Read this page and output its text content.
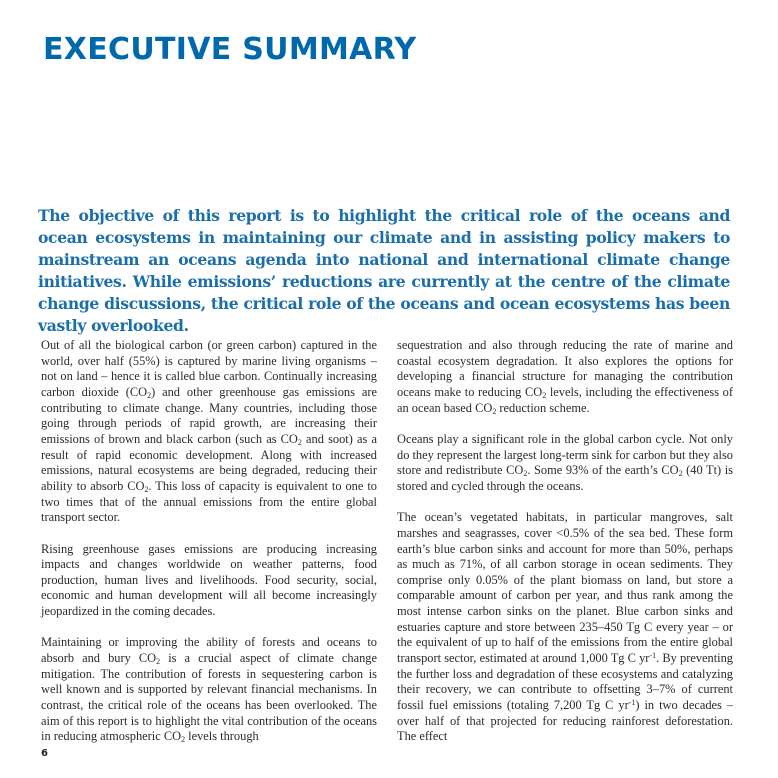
EXECUTIVE SUMMARY

The objective of this report is to highlight the critical role of the oceans and ocean ecosystems in maintaining our climate and in assisting policy makers to mainstream an oceans agenda into national and international climate change initiatives. While emissions’ reductions are currently at the centre of the climate change discussions, the critical role of the oceans and ocean ecosystems has been vastly overlooked.

Out of all the biological carbon (or green carbon) captured in the world, over half (55%) is captured by marine living organisms – not on land – hence it is called blue carbon. Continually increasing carbon dioxide $(CO_2)$ and other greenhouse gas emissions are contributing to climate change. Many countries, including those going through periods of rapid growth, are increasing their emissions of brown and black carbon (such as $CO_2$ and soot) as a result of rapid economic development. Along with increased emissions, natural ecosystems are being degraded, reducing their ability to absorb $CO_2$. This loss of capacity is equivalent to one to two times that of the annual emissions from the entire global transport sector.

Rising greenhouse gases emissions are producing increasing impacts and changes worldwide on weather patterns, food production, human lives and livelihoods. Food security, social, economic and human development will all become increasingly jeopardized in the coming decades.

Maintaining or improving the ability of forests and oceans to absorb and bury $CO_2$ is a crucial aspect of climate change mitigation. The contribution of forests in sequestering carbon is well known and is supported by relevant financial mechanisms. In contrast, the critical role of the oceans has been overlooked. The aim of this report is to highlight the vital contribution of the oceans in reducing atmospheric $CO_2$ levels through

sequestration and also through reducing the rate of marine and coastal ecosystem degradation. It also explores the options for developing a financial structure for managing the contribution oceans make to reducing $CO_2$ levels, including the effectiveness of an ocean based $CO_2$ reduction scheme.

Oceans play a significant role in the global carbon cycle. Not only do they represent the largest long-term sink for carbon but they also store and redistribute $CO_2$. Some 93% of the earth’s $CO_2$ (40 Tt) is stored and cycled through the oceans.

The ocean’s vegetated habitats, in particular mangroves, salt marshes and seagrasses, cover <0.5% of the sea bed. These form earth’s blue carbon sinks and account for more than 50%, perhaps as much as 71%, of all carbon storage in ocean sediments. They comprise only 0.05% of the plant biomass on land, but store a comparable amount of carbon per year, and thus rank among the most intense carbon sinks on the planet. Blue carbon sinks and estuaries capture and store between 235–450 Tg C every year – or the equivalent of up to half of the emissions from the entire global transport sector, estimated at around 1,000 Tg C $yr^{-1}$. By preventing the further loss and degradation of these ecosystems and catalyzing their recovery, we can contribute to offsetting 3–7% of current fossil fuel emissions (totaling 7,200 Tg C $yr^{-1}$) in two decades – over half of that projected for reducing rainforest deforestation. The effect

6
